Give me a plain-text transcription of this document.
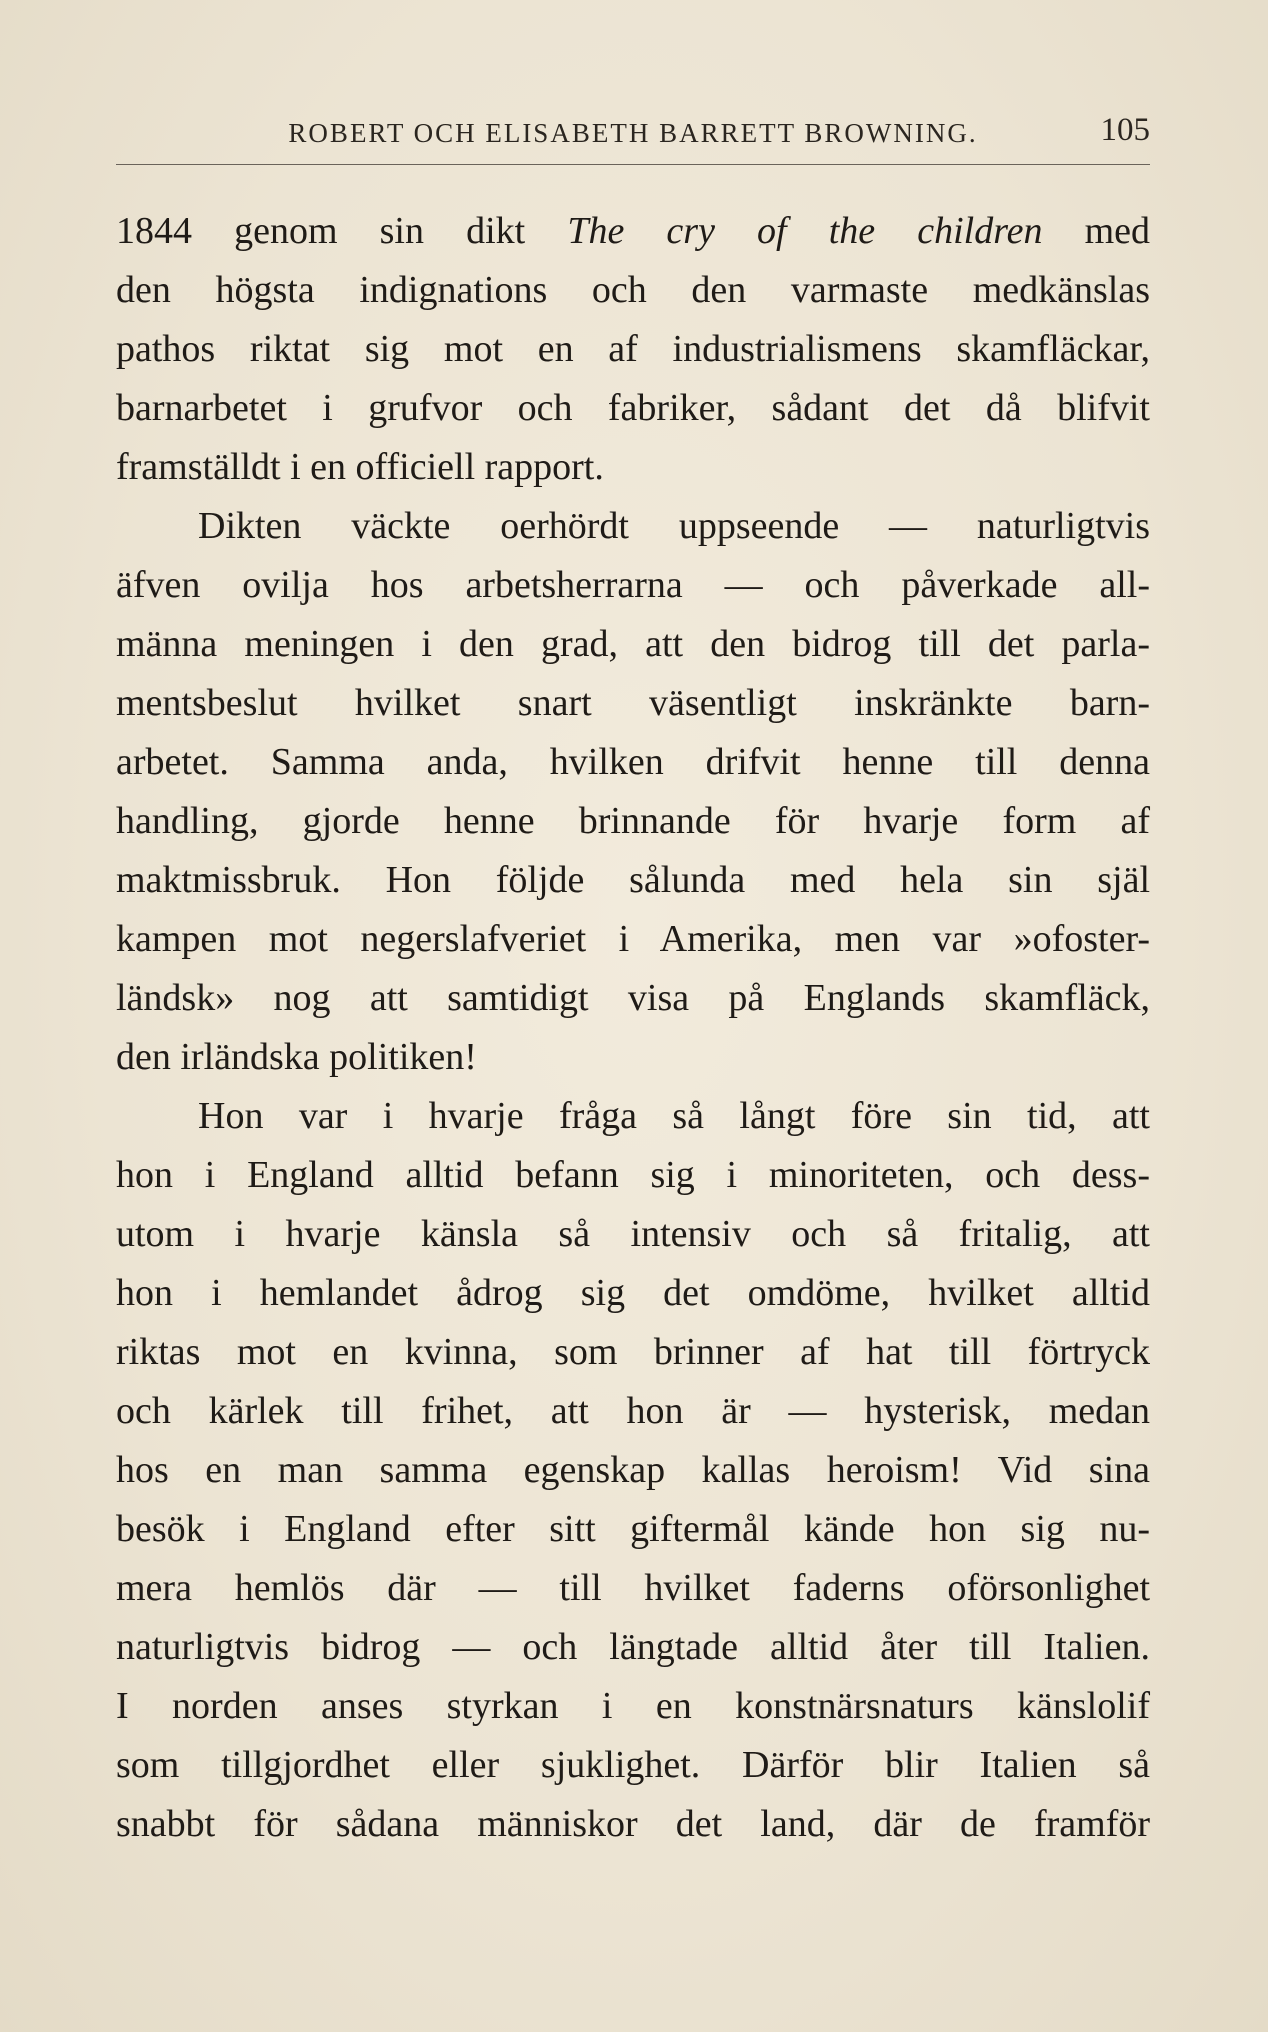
ROBERT OCH ELISABETH BARRETT BROWNING.	105
1844 genom sin dikt The cry of the children med
den högsta indignations och den varmaste medkänslas
pathos riktat sig mot en af industrialismens skamfläckar,
barnarbetet i grufvor och fabriker, sådant det då blifvit
framställdt i en officiell rapport.
Dikten väckte oerhördt uppseende — naturligtvis
äfven ovilja hos arbetsherrarna — och påverkade all-
männa meningen i den grad, att den bidrog till det parla-
mentsbeslut hvilket snart väsentligt inskränkte barn-
arbetet. Samma anda, hvilken drifvit henne till denna
handling, gjorde henne brinnande för hvarje form af
maktmissbruk. Hon följde sålunda med hela sin själ
kampen mot negerslafveriet i Amerika, men var »ofoster-
ländsk» nog att samtidigt visa på Englands skamfläck,
den irländska politiken!
Hon var i hvarje fråga så långt före sin tid, att
hon i England alltid befann sig i minoriteten, och dess-
utom i hvarje känsla så intensiv och så fritalig, att
hon i hemlandet ådrog sig det omdöme, hvilket alltid
riktas mot en kvinna, som brinner af hat till förtryck
och kärlek till frihet, att hon är — hysterisk, medan
hos en man samma egenskap kallas heroism! Vid sina
besök i England efter sitt giftermål kände hon sig nu-
mera hemlös där — till hvilket faderns oförsonlighet
naturligtvis bidrog — och längtade alltid åter till Italien.
I norden anses styrkan i en konstnärsnaturs känslolif
som tillgjordhet eller sjuklighet. Därför blir Italien så
snabbt för sådana människor det land, där de framför
